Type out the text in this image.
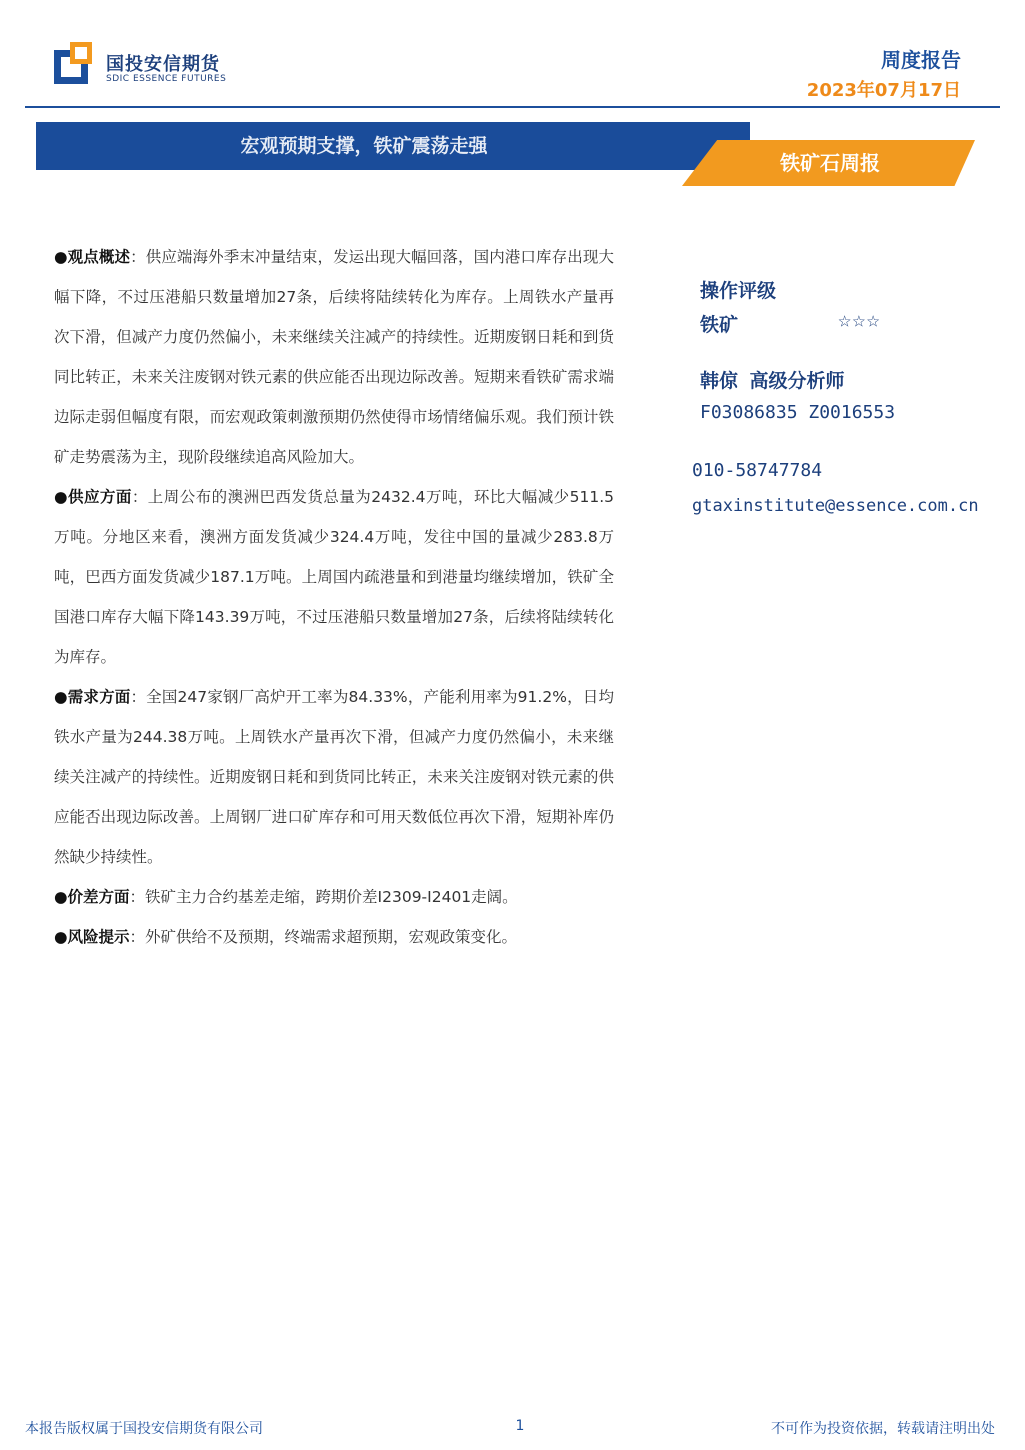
国投安信期货
SDIC ESSENCE FUTURES
周度报告
2023年07月17日
宏观预期支撑，铁矿震荡走强
铁矿石周报

●观点概述：供应端海外季末冲量结束，发运出现大幅回落，国内港口库存出现大幅下降，不过压港船只数量增加27条，后续将陆续转化为库存。上周铁水产量再次下滑，但减产力度仍然偏小，未来继续关注减产的持续性。近期废钢日耗和到货同比转正，未来关注废钢对铁元素的供应能否出现边际改善。短期来看铁矿需求端边际走弱但幅度有限，而宏观政策刺激预期仍然使得市场情绪偏乐观。我们预计铁矿走势震荡为主，现阶段继续追高风险加大。

●供应方面：上周公布的澳洲巴西发货总量为2432.4万吨，环比大幅减少511.5万吨。分地区来看，澳洲方面发货减少324.4万吨，发往中国的量减少283.8万吨，巴西方面发货减少187.1万吨。上周国内疏港量和到港量均继续增加，铁矿全国港口库存大幅下降143.39万吨，不过压港船只数量增加27条，后续将陆续转化为库存。

●需求方面：全国247家钢厂高炉开工率为84.33%，产能利用率为91.2%，日均铁水产量为244.38万吨。上周铁水产量再次下滑，但减产力度仍然偏小，未来继续关注减产的持续性。近期废钢日耗和到货同比转正，未来关注废钢对铁元素的供应能否出现边际改善。上周钢厂进口矿库存和可用天数低位再次下滑，短期补库仍然缺少持续性。

●价差方面：铁矿主力合约基差走缩，跨期价差I2309-I2401走阔。

●风险提示：外矿供给不及预期，终端需求超预期，宏观政策变化。

操作评级
铁矿	☆☆☆
韩倞 高级分析师
F03086835 Z0016553
010-58747784
gtaxinstitute@essence.com.cn
本报告版权属于国投安信期货有限公司	1	不可作为投资依据，转载请注明出处
